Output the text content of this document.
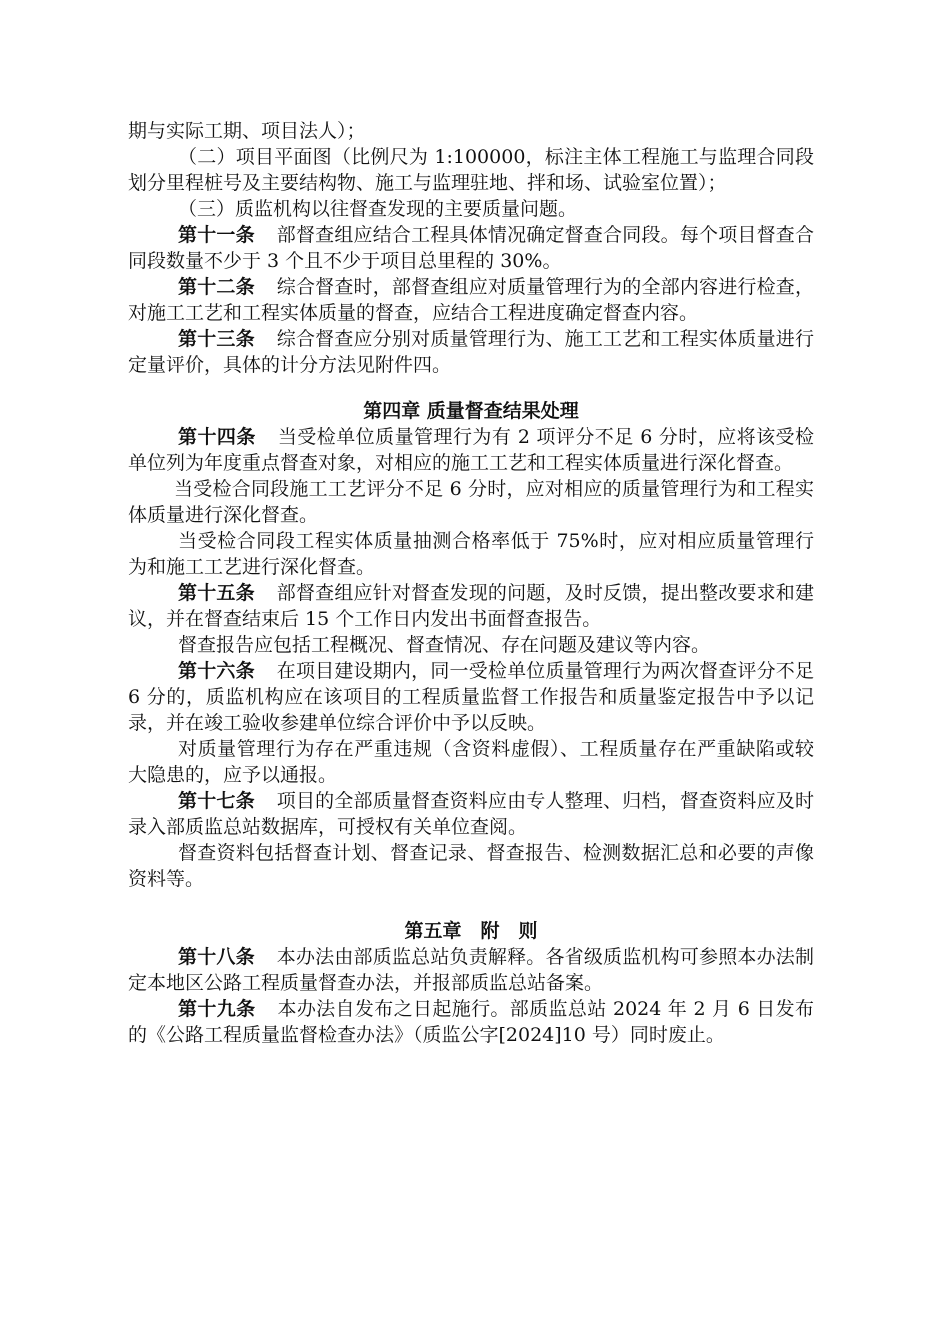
期与实际工期、项目法人）；

（二）项目平面图（比例尺为 1:100000，标注主体工程施工与监理合同段划分里程桩号及主要结构物、施工与监理驻地、拌和场、试验室位置）；

（三）质监机构以往督查发现的主要质量问题。

第十一条 部督查组应结合工程具体情况确定督查合同段。每个项目督查合同段数量不少于 3 个且不少于项目总里程的 30%。

第十二条 综合督查时，部督查组应对质量管理行为的全部内容进行检查，对施工工艺和工程实体质量的督查，应结合工程进度确定督查内容。

第十三条 综合督查应分别对质量管理行为、施工工艺和工程实体质量进行定量评价，具体的计分方法见附件四。

第四章 质量督查结果处理

第十四条 当受检单位质量管理行为有 2 项评分不足 6 分时，应将该受检单位列为年度重点督查对象，对相应的施工工艺和工程实体质量进行深化督查。

当受检合同段施工工艺评分不足 6 分时，应对相应的质量管理行为和工程实体质量进行深化督查。

当受检合同段工程实体质量抽测合格率低于 75%时，应对相应质量管理行为和施工工艺进行深化督查。

第十五条 部督查组应针对督查发现的问题，及时反馈，提出整改要求和建议，并在督查结束后 15 个工作日内发出书面督查报告。

督查报告应包括工程概况、督查情况、存在问题及建议等内容。

第十六条 在项目建设期内，同一受检单位质量管理行为两次督查评分不足 6 分的，质监机构应在该项目的工程质量监督工作报告和质量鉴定报告中予以记录，并在竣工验收参建单位综合评价中予以反映。

对质量管理行为存在严重违规（含资料虚假）、工程质量存在严重缺陷或较大隐患的，应予以通报。

第十七条 项目的全部质量督查资料应由专人整理、归档，督查资料应及时录入部质监总站数据库，可授权有关单位查阅。

督查资料包括督查计划、督查记录、督查报告、检测数据汇总和必要的声像资料等。

第五章　附　则

第十八条 本办法由部质监总站负责解释。各省级质监机构可参照本办法制定本地区公路工程质量督查办法，并报部质监总站备案。

第十九条 本办法自发布之日起施行。部质监总站 2024 年 2 月 6 日发布的《公路工程质量监督检查办法》（质监公字[2024]10 号）同时废止。
